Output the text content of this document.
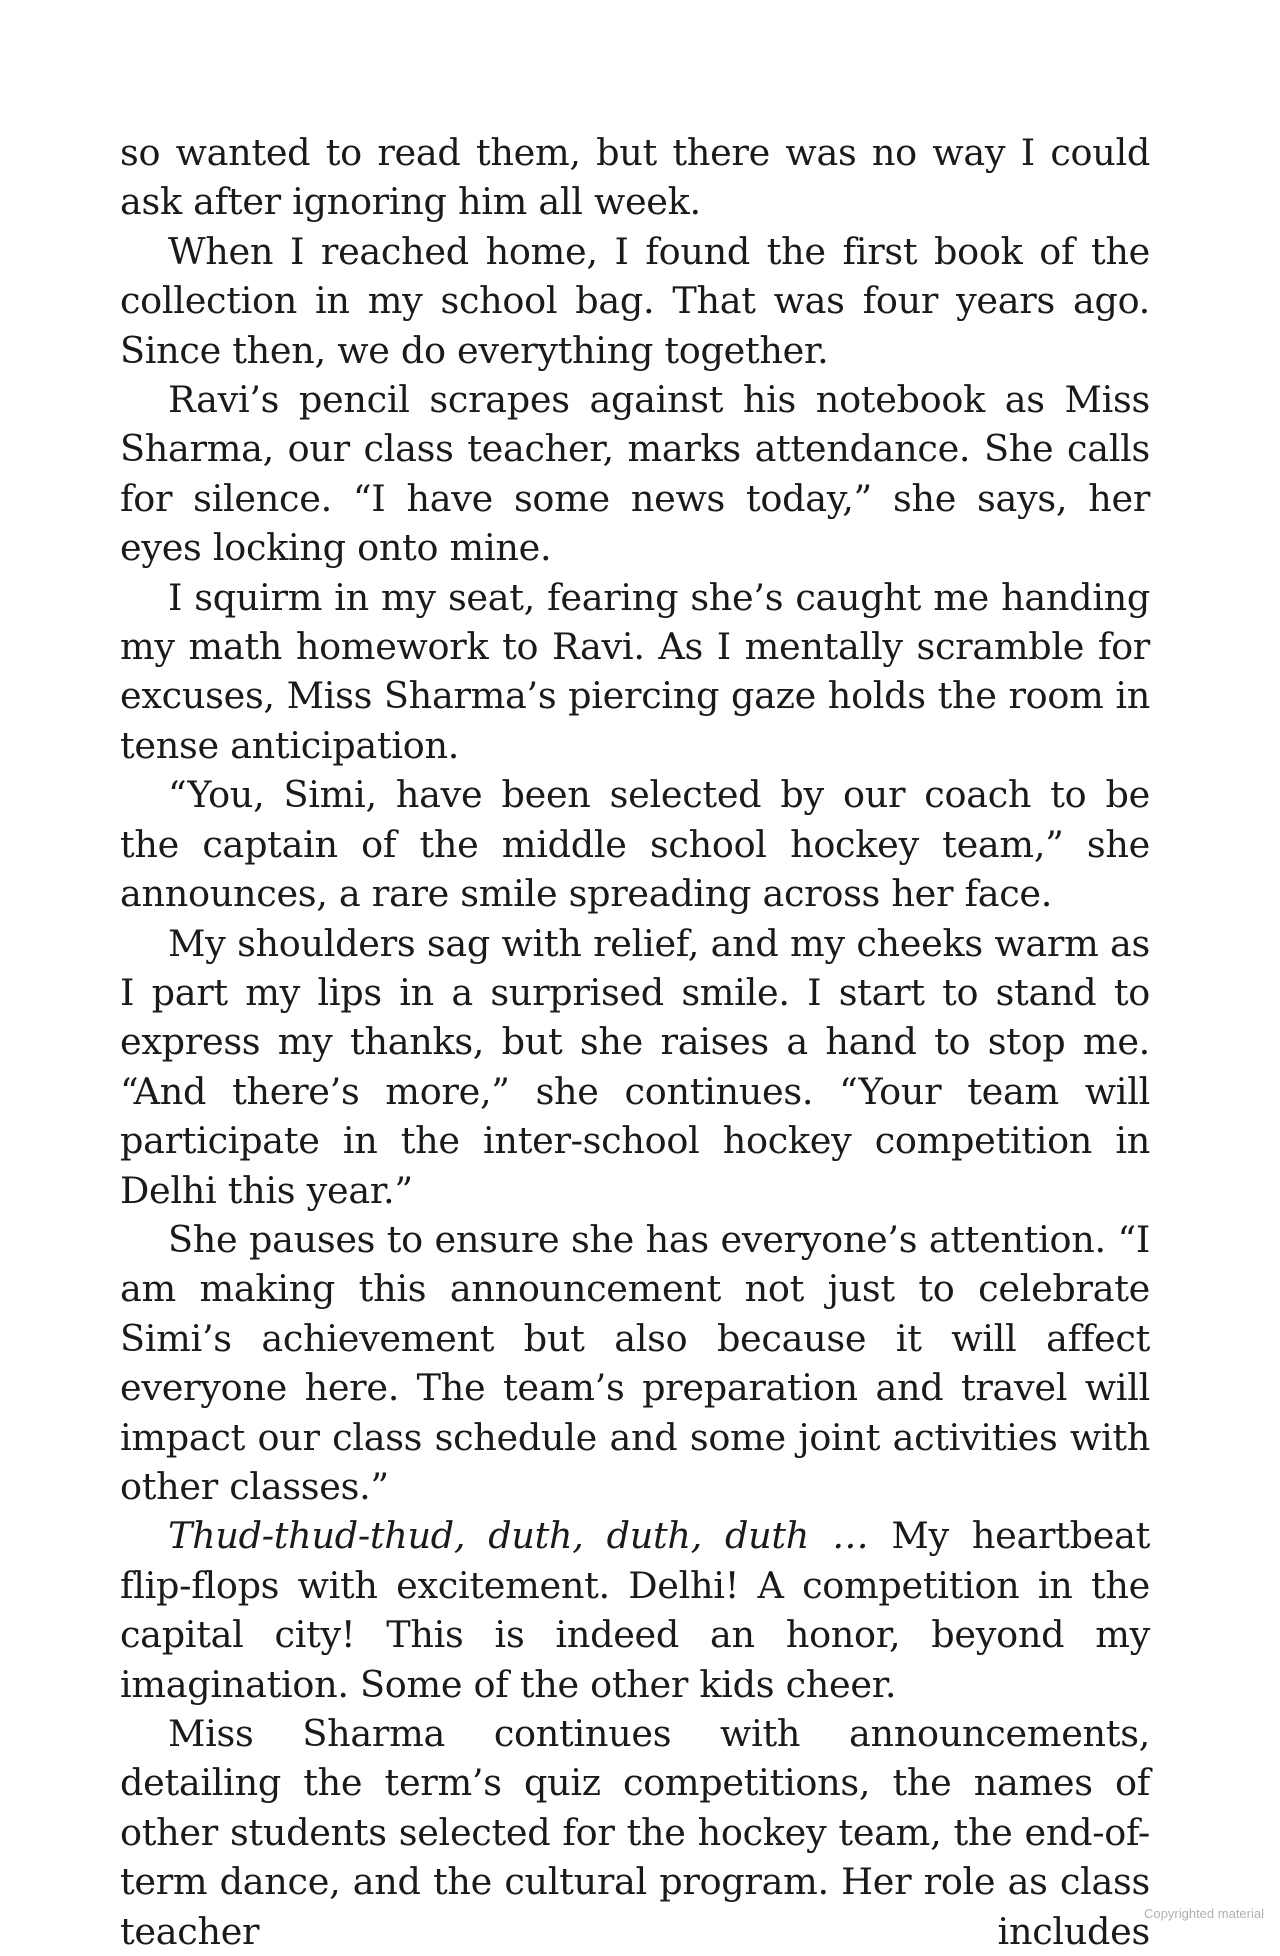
so wanted to read them, but there was no way I could ask after ignoring him all week.

When I reached home, I found the first book of the collection in my school bag. That was four years ago. Since then, we do everything together.

Ravi’s pencil scrapes against his notebook as Miss Sharma, our class teacher, marks attendance. She calls for silence. “I have some news today,” she says, her eyes locking onto mine.

I squirm in my seat, fearing she’s caught me handing my math homework to Ravi. As I mentally scramble for excuses, Miss Sharma’s piercing gaze holds the room in tense anticipation.

“You, Simi, have been selected by our coach to be the captain of the middle school hockey team,” she announces, a rare smile spreading across her face.

My shoulders sag with relief, and my cheeks warm as I part my lips in a surprised smile. I start to stand to express my thanks, but she raises a hand to stop me. “And there’s more,” she continues. “Your team will participate in the inter-school hockey competition in Delhi this year.”

She pauses to ensure she has everyone’s attention. “I am making this announcement not just to celebrate Simi’s achievement but also because it will affect everyone here. The team’s preparation and travel will impact our class schedule and some joint activities with other classes.”

Thud-thud-thud, duth, duth, duth … My heartbeat flip-flops with excitement. Delhi! A competition in the capital city! This is indeed an honor, beyond my imagination. Some of the other kids cheer.

Miss Sharma continues with announcements, detailing the term’s quiz competitions, the names of other students selected for the hockey team, the end-of-term dance, and the cultural program. Her role as class teacher includes

Copyrighted material
